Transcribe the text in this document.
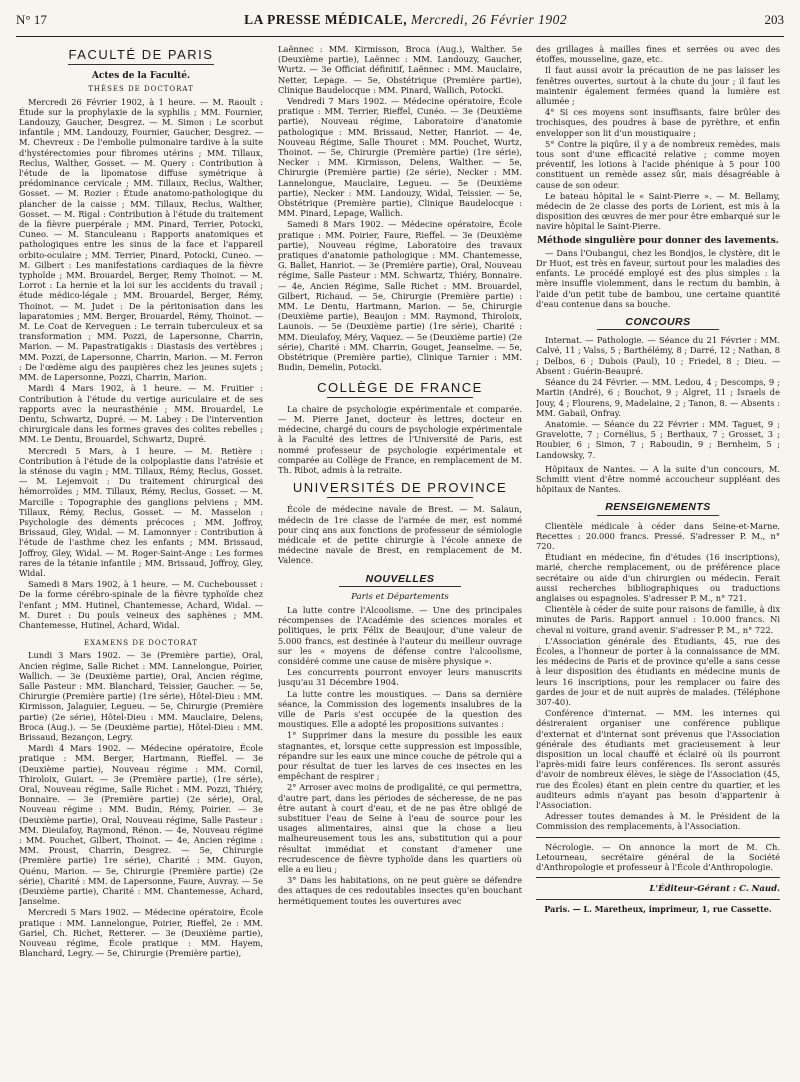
N° 17	LA PRESSE MÉDICALE, Mercredi, 26 Février 1902	203
FACULTÉ DE PARIS
Actes de la Faculté.
THÈSES DE DOCTORAT

Mercredi 26 Février 1902, à 1 heure. — M. Raoult : Étude sur la prophylaxie de la syphilis ; MM. Fournier, Landouzy, Gaucher, Desgrez. — M. Simon : Le scorbut infantile ; MM. Landouzy, Fournier, Gaucher, Desgrez. — M. Chevreux : De l'embolie pulmonaire tardive à la suite d'hystérectomies pour fibromes utérins ; MM. Tillaux, Reclus, Walther, Gosset. — M. Query : Contribution à l'étude de la lipomatose diffuse symétrique à prédominance cervicale ; MM. Tillaux, Reclus, Walther, Gosset. — M. Rozier : Étude anatomo-pathologique du plancher de la caisse ; MM. Tillaux, Reclus, Walther, Gosset. — M. Rigal : Contribution à l'étude du traitement de la fièvre puerpérale ; MM. Pinard, Terrier, Potocki, Cuneo. — M. Stanculeanu : Rapports anatomiques et pathologiques entre les sinus de la face et l'appareil orbito-oculaire ; MM. Terrier, Pinard, Potocki, Cuneo. — M. Gilbert : Les manifestations cardiaques de la fièvre typhoïde ; MM. Brouardel, Berger, Remy Thoinot. — M. Lorrot : La hernie et la loi sur les accidents du travail ; étude médico-légale ; MM. Brouardel, Berger, Rémy, Thoinot. — M. Judet : De la péritonisation dans les laparatomies ; MM. Berger, Brouardel, Rémy, Thoinot. — M. Le Coat de Kerveguen : Le terrain tuberculeux et sa transformation ; MM. Pozzi, de Lapersonne, Charrin, Marion. — M. Papastratigakis : Diastasis des vertèbres ; MM. Pozzi, de Lapersonne, Charrin, Marion. — M. Ferron : De l'œdème aigu des paupières chez les jeunes sujets ; MM. de Lapersonne, Pozzi, Charrin, Marion.

Mardi 4 Mars 1902, à 1 heure. — M. Fruitier : Contribution à l'étude du vertige auriculaire et de ses rapports avec la neurasthénie ; MM. Brouardel, Le Dentu, Schwartz, Dupré. — M. Labey : De l'intervention chirurgicale dans les formes graves des colites rebelles ; MM. Le Dentu, Brouardel, Schwartz, Dupré.

Mercredi 5 Mars, à 1 heure. — M. Retière : Contribution à l'étude de la colpoplastie dans l'atrésie et la sténose du vagin ; MM. Tillaux, Rémy, Reclus, Gosset. — M. Lejemvoit : Du traitement chirurgical des hémorroïdes ; MM. Tillaux, Rémy, Reclus, Gosset. — M. Marcille : Topographie des ganglions pelviens ; MM. Tillaux, Rémy, Reclus, Gosset. — M. Masselon : Psychologie des déments précoces ; MM. Joffroy, Brissaud, Gley, Widal. — M. Lamonnyer : Contribution à l'étude de l'asthme chez les enfants ; MM. Brissaud, Joffroy, Gley, Widal. — M. Roger-Saint-Ange : Les formes rares de la tétanie infantile ; MM. Brissaud, Joffroy, Gley, Widal.

Samedi 8 Mars 1902, à 1 heure. — M. Cuchebousset : De la forme cérébro-spinale de la fièvre typhoïde chez l'enfant ; MM. Hutinel, Chantemesse, Achard, Widal. — M. Duret : Du pouls veineux des saphènes ; MM. Chantemesse, Hutinel, Achard, Widal.

EXAMENS DE DOCTORAT

Lundi 3 Mars 1902. — 3e (Première partie), Oral, Ancien régime, Salle Richet : MM. Lannelongue, Poirier, Wallich. — 3e (Deuxième partie), Oral, Ancien régime, Salle Pasteur : MM. Blanchard, Teissier, Gaucher. — 5e, Chirurgie (Première partie) (1re série), Hôtel-Dieu : MM. Kirmisson, Jalaguier, Legueu. — 5e, Chirurgie (Première partie) (2e série), Hôtel-Dieu : MM. Mauclaire, Delens, Broca (Aug.). — 5e (Deuxième partie), Hôtel-Dieu : MM. Brissaud, Bezançon, Legry.

Mardi 4 Mars 1902. — Médecine opératoire, École pratique : MM. Berger, Hartmann, Rieffel. — 3e (Deuxième partie), Nouveau régime : MM. Cornil, Thiroloix, Guiart. — 3e (Première partie), (1re série), Oral, Nouveau régime, Salle Richet : MM. Pozzi, Thiéry, Bonnaire. — 3e (Première partie) (2e série), Oral, Nouveau régime : MM. Budin, Rémy, Poirier. — 3e (Deuxième partie), Oral, Nouveau régime, Salle Pasteur : MM. Dieulafoy, Raymond, Rénon. — 4e, Nouveau régime : MM. Pouchet, Gilbert, Thoinot. — 4e, Ancien régime : MM. Proust, Charrin, Desgrez. — 5e, Chirurgie (Première partie) 1re série), Charité : MM. Guyon, Quénu, Marion. — 5e, Chirurgie (Première partie) (2e série), Charité : MM. de Lapersonne, Faure, Auvray. — 5e (Deuxième partie), Charité : MM. Chantemesse, Achard, Janselme.

Mercredi 5 Mars 1902. — Médecine opératoire, École pratique : MM. Lannelongue, Poirier, Rieffel, 2e : MM. Gariel, Ch. Richet, Retterer. — 3e (Deuxième partie), Nouveau régime, École pratique : MM. Hayem, Blanchard, Legry. — 5e, Chirurgie (Première partie),

Laënnec : MM. Kirmisson, Broca (Aug.), Walther. 5e (Deuxième partie), Laënnec : MM. Landouzy, Gaucher, Wurtz. — 3e Officiat définitif, Laënnec : MM. Mauclaire, Netter, Lepage. — 5e, Obstétrique (Première partie), Clinique Baudelocque : MM. Pinard, Wallich, Potocki.

Vendredi 7 Mars 1902. — Médecine opératoire, École pratique : MM. Terrier, Rieffel, Cunéo. — 3e (Deuxième partie), Nouveau régime, Laboratoire d'anatomie pathologique : MM. Brissaud, Netter, Hanriot. — 4e, Nouveau Régime, Salle Thouret : MM. Pouchet, Wurtz, Thoinot. — 5e, Chirurgie (Première partie) (1re série), Necker : MM. Kirmisson, Delens, Walther. — 5e, Chirurgie (Première partie) (2e série), Necker : MM. Lannelongue, Mauclaire, Legueu. — 5e (Deuxième partie), Necker : MM. Landouzy, Widal, Teissier. — 5e, Obstétrique (Première partie), Clinique Baudelocque : MM. Pinard, Lepage, Wallich.

Samedi 8 Mars 1902. — Médecine opératoire, École pratique : MM. Poirier, Faure, Rieffel. — 3e (Deuxième partie), Nouveau régime, Laboratoire des travaux pratiques d'anatomie pathologique : MM. Chantemesse, G. Ballet, Hanriot. — 3e (Première partie), Oral, Nouveau régime, Salle Pasteur : MM. Schwartz, Thiéry, Bonnaire. — 4e, Ancien Régime, Salle Richet : MM. Brouardel, Gilbert, Richaud. — 5e, Chirurgie (Première partie) : MM. Le Dentu, Hartmann, Marion. — 5e, Chirurgie (Deuxième partie), Beaujon : MM. Raymond, Thiroloix, Launois. — 5e (Deuxième partie) (1re série), Charité : MM. Dieulafoy, Méry, Vaquez. — 5e (Deuxième partie) (2e série), Charité : MM. Charrin, Gouget, Jeanselme. — 5e, Obstétrique (Première partie), Clinique Tarnier : MM. Budin, Demelin, Potocki.

COLLÈGE DE FRANCE

La chaire de psychologie expérimentale et comparée. — M. Pierre Janet, docteur ès lettres, docteur en médecine, chargé du cours de psychologie expérimentale à la Faculté des lettres de l'Université de Paris, est nommé professeur de psychologie expérimentale et comparée au Collège de France, en remplacement de M. Th. Ribot, admis à la retraite.

UNIVERSITÉS DE PROVINCE

École de médecine navale de Brest. — M. Salaun, médecin de 1re classe de l'armée de mer, est nommé pour cinq ans aux fonctions de professeur de sémiologie médicale et de petite chirurgie à l'école annexe de médecine navale de Brest, en remplacement de M. Valence.

NOUVELLES
Paris et Départements

La lutte contre l'Alcoolisme. — Une des principales récompenses de l'Académie des sciences morales et politiques, le prix Félix de Beaujour, d'une valeur de 5.000 francs, est destinée à l'auteur du meilleur ouvrage sur les « moyens de défense contre l'alcoolisme, considéré comme une cause de misère physique ».

Les concurrents pourront envoyer leurs manuscrits jusqu'au 31 Décembre 1904.

La lutte contre les moustiques. — Dans sa dernière séance, la Commission des logements insalubres de la ville de Paris s'est occupée de la question des moustiques. Elle a adopté les propositions suivantes :

1° Supprimer dans la mesure du possible les eaux stagnantes, et, lorsque cette suppression est impossible, répandre sur les eaux une mince couche de pétrole qui a pour résultat de tuer les larves de ces insectes en les empêchant de respirer ;

2° Arroser avec moins de prodigalité, ce qui permettra, d'autre part, dans les périodes de sécheresse, de ne pas être autant à court d'eau, et de ne pas être obligé de substituer l'eau de Seine à l'eau de source pour les usages alimentaires, ainsi que la chose a lieu malheureusement tous les ans, substitution qui a pour résultat immédiat et constant d'amener une recrudescence de fièvre typhoïde dans les quartiers où elle a eu lieu ;

3° Dans les habitations, on ne peut guère se défendre des attaques de ces redoutables insectes qu'en bouchant hermétiquement toutes les ouvertures avec

des grillages à mailles fines et serrées ou avec des étoffes, mousseline, gaze, etc.

Il faut aussi avoir la précaution de ne pas laisser les fenêtres ouvertes, surtout à la chute du jour ; il faut les maintenir également fermées quand la lumière est allumée ;

4° Si ces moyens sont insuffisants, faire brûler des trochisques, des poudres à base de pyrèthre, et enfin envelopper son lit d'un moustiquaire ;

5° Contre la piqûre, il y a de nombreux remèdes, mais tous sont d'une efficacité relative ; comme moyen préventif, les lotions à l'acide phénique à 5 pour 100 constituent un remède assez sûr, mais désagréable à cause de son odeur.

Le bateau hôpital le « Saint-Pierre ». — M. Bellamy, médecin de 2e classe des ports de Lorient, est mis à la disposition des œuvres de mer pour être embarqué sur le navire hôpital le Saint-Pierre.

Méthode singulière pour donner des lavements.

— Dans l'Oubangui, chez les Bondjos, le clystère, dit le Dr Huot, est très en faveur, surtout pour les maladies des enfants. Le procédé employé est des plus simples : la mère insuffle violemment, dans le rectum du bambin, à l'aide d'un petit tube de bambou, une certaine quantité d'eau contenue dans sa bouche.

CONCOURS

Internat. — Pathologie. — Séance du 21 Février : MM. Calvé, 11 ; Vaïss, 5 ; Barthélémy, 8 ; Darré, 12 ; Nathan, 8 ; Delbos, 6 ; Dubois (Paul), 10 ; Friedel, 8 ; Dieu. — Absent : Guérin-Beaupré.

Séance du 24 Février. — MM. Ledou, 4 ; Descomps, 9 ; Martin (André), 6 ; Bouchot, 9 ; Algret, 11 ; Israels de Jouy, 4 ; Flourens, 9, Madelaine, 2 ; Tanon, 8. — Absents : MM. Gabail, Onfray.

Anatomie. — Séance du 22 Février : MM. Taguet, 9 ; Gravelotte, 7 ; Cornélius, 5 ; Berthaux, 7 ; Grosset, 3 ; Roubier, 6 ; Simon, 7 ; Raboudin, 9 ; Bernheim, 5 ; Landowsky, 7.

Hôpitaux de Nantes. — A la suite d'un concours, M. Schmitt vient d'être nommé accoucheur suppléant des hôpitaux de Nantes.

RENSEIGNEMENTS

Clientèle médicale à céder dans Seine-et-Marne. Recettes : 20.000 francs. Pressé. S'adresser P. M., n° 720.

Étudiant en médecine, fin d'études (16 inscriptions), marié, cherche remplacement, ou de préférence place secrétaire ou aide d'un chirurgien ou médecin. Ferait aussi recherches bibliographiques ou traductions anglaises ou espagnoles. S'adresser P. M., n° 721.

Clientèle à céder de suite pour raisons de famille, à dix minutes de Paris. Rapport annuel : 10.000 francs. Ni cheval ni voiture, grand avenir. S'adresser P. M., n° 722.

L'Association générale des Étudiants, 45, rue des Écoles, a l'honneur de porter à la connaissance de MM. les médecins de Paris et de province qu'elle a sans cesse à leur disposition des étudiants en médecine munis de leurs 16 inscriptions, pour les remplacer ou faire des gardes de jour et de nuit auprès de malades. (Téléphone 307-40).

Conférence d'internat. — MM. les internes qui désireraient organiser une conférence publique d'externat et d'internat sont prévenus que l'Association générale des étudiants met gracieusement à leur disposition un local chauffé et éclairé où ils pourront l'après-midi faire leurs conférences. Ils seront assurés d'avoir de nombreux élèves, le siège de l'Association (45, rue des Écoles) étant en plein centre du quartier, et les auditeurs admis n'ayant pas besoin d'appartenir à l'Association.

Adresser toutes demandes à M. le Président de la Commission des remplacements, à l'Association.

Nécrologie. — On annonce la mort de M. Ch. Letourneau, secrétaire général de la Société d'Anthropologie et professeur à l'École d'Anthropologie.

L'Éditeur-Gérant : C. Naud.
Paris. — L. Maretheux, imprimeur, 1, rue Cassette.
